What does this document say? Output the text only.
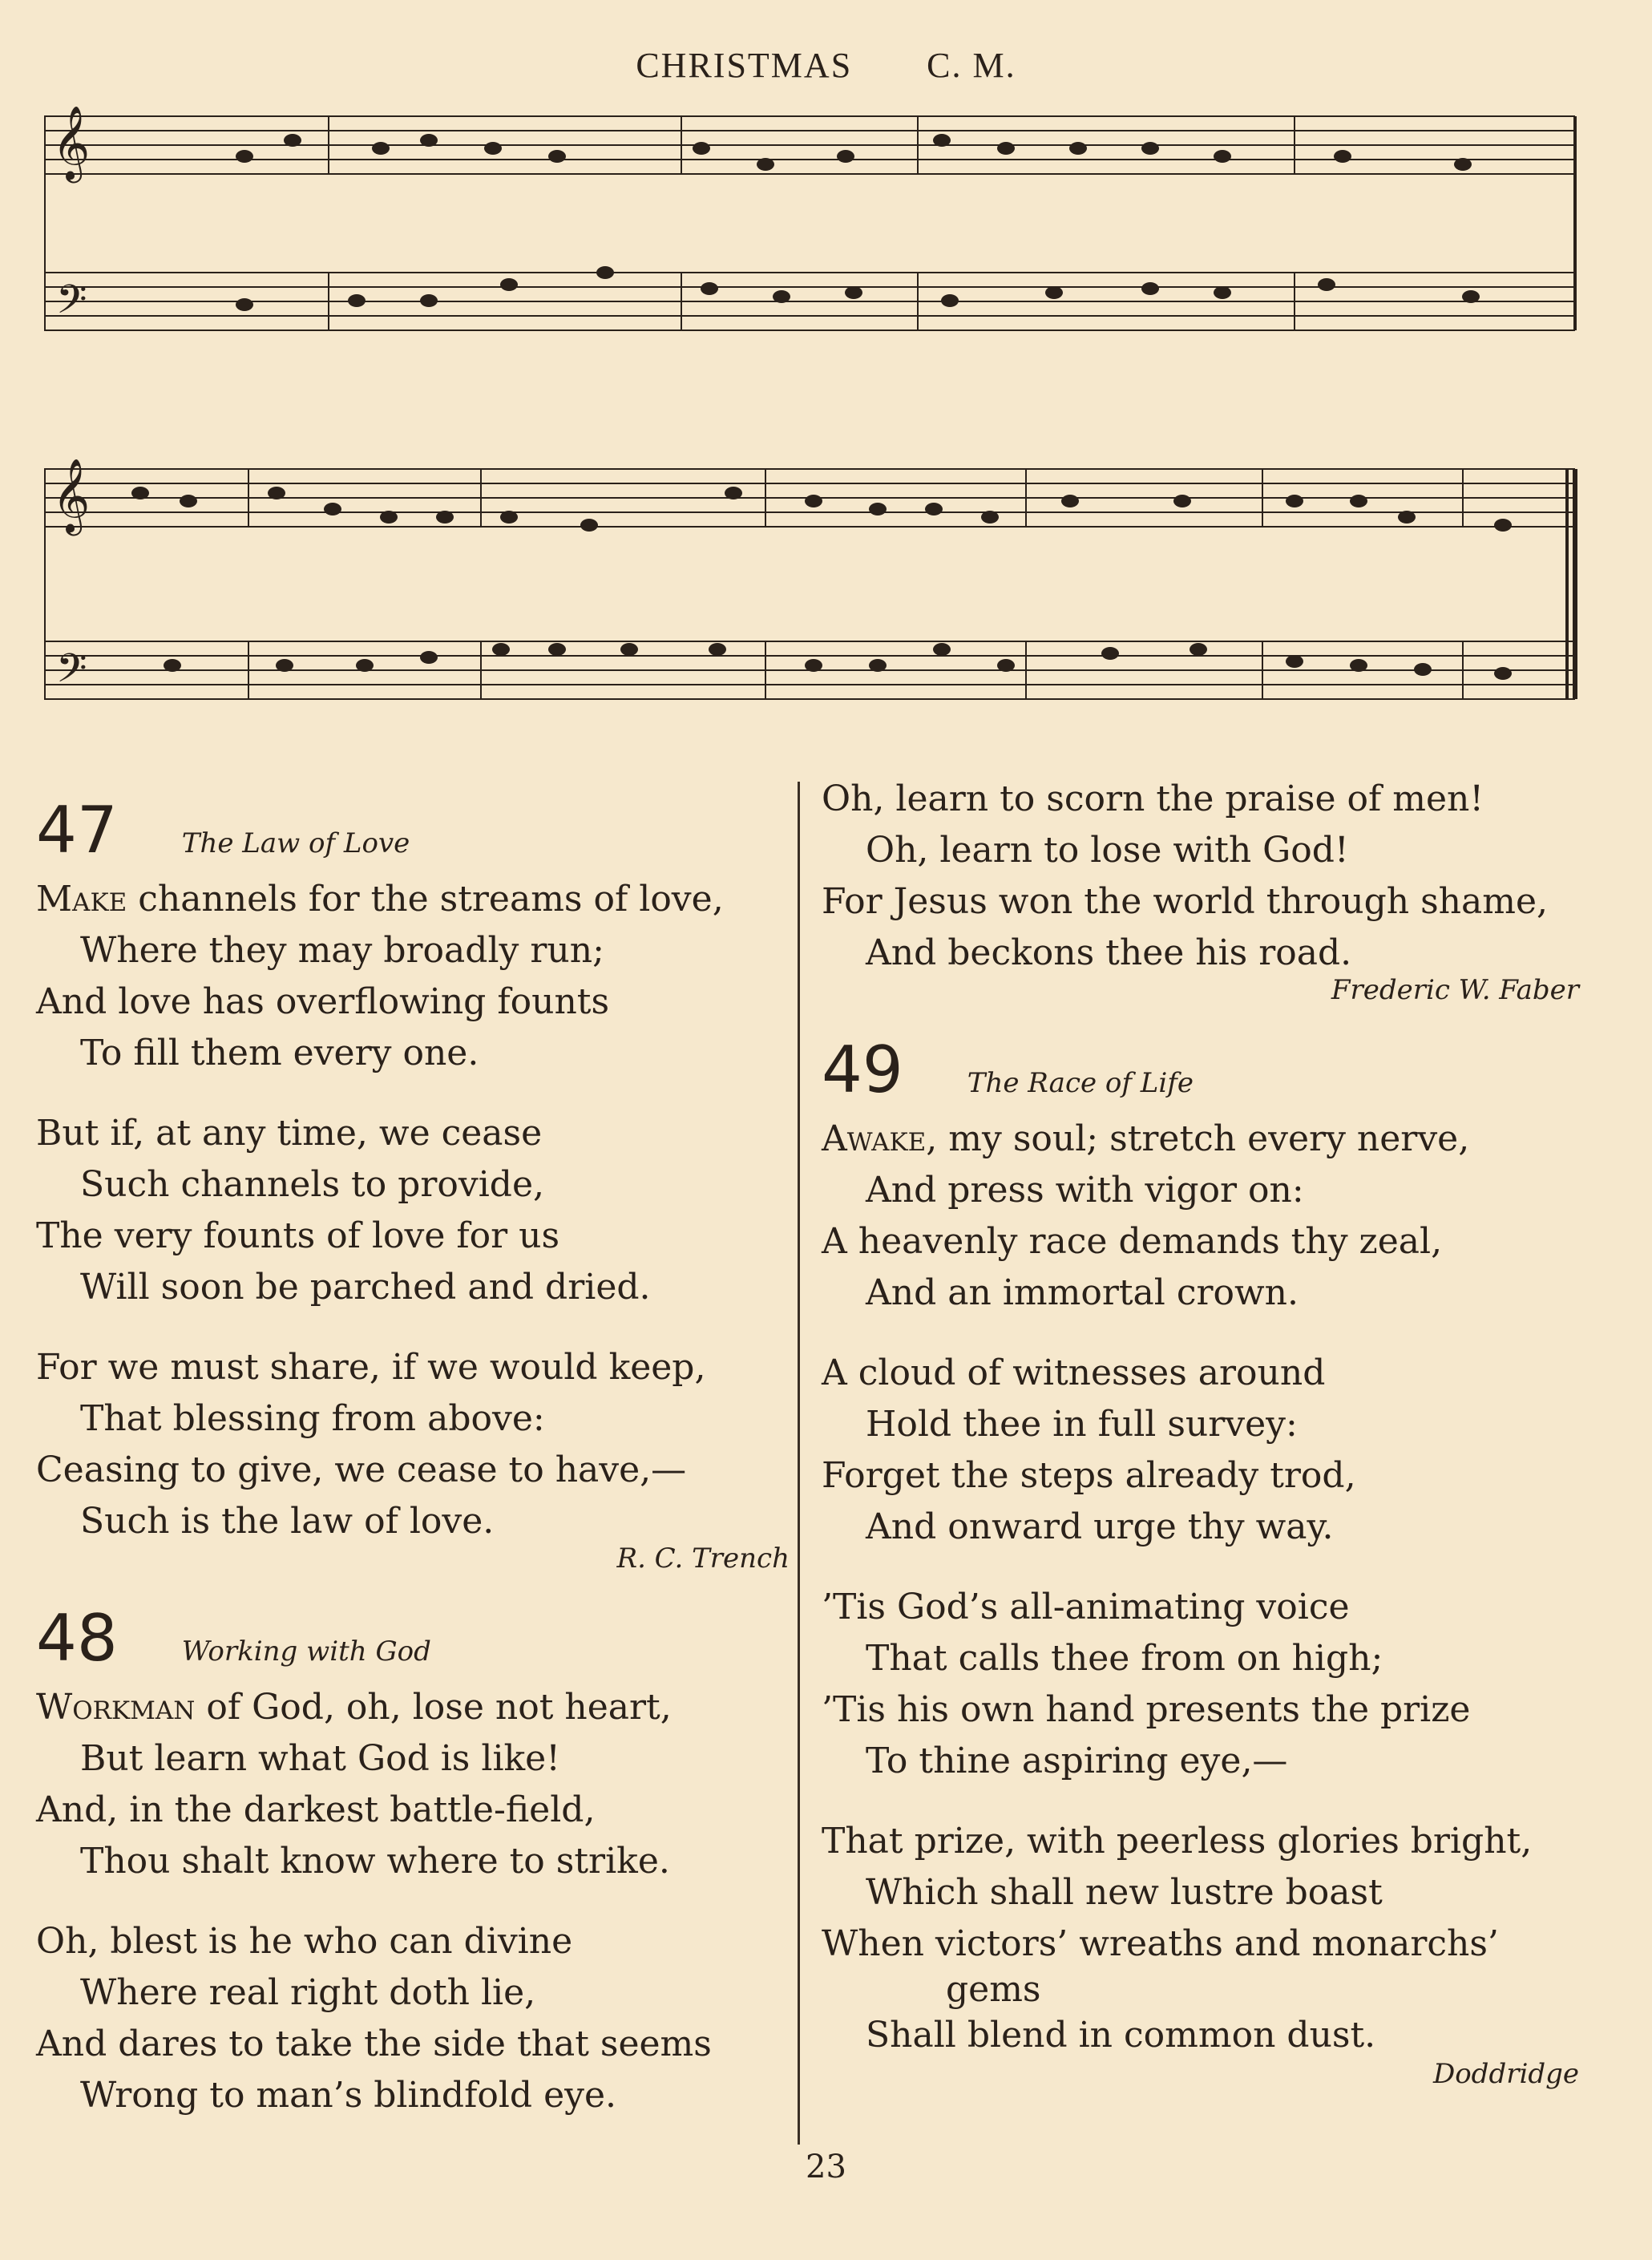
CHRISTMAS C. M.
𝄞
𝄢
𝄞
𝄢
47 The Law of Love
Make channels for the streams of love,
Where they may broadly run;
And love has overflowing founts
To fill them every one.
But if, at any time, we cease
Such channels to provide,
The very founts of love for us
Will soon be parched and dried.
For we must share, if we would keep,
That blessing from above:
Ceasing to give, we cease to have,—
Such is the law of love.
R. C. Trench
48 Working with God
Workman of God, oh, lose not heart,
But learn what God is like!
And, in the darkest battle-field,
Thou shalt know where to strike.
Oh, blest is he who can divine
Where real right doth lie,
And dares to take the side that seems
Wrong to man’s blindfold eye.
Oh, learn to scorn the praise of men!
Oh, learn to lose with God!
For Jesus won the world through shame,
And beckons thee his road.
Frederic W. Faber
49 The Race of Life
Awake, my soul; stretch every nerve,
And press with vigor on:
A heavenly race demands thy zeal,
And an immortal crown.
A cloud of witnesses around
Hold thee in full survey:
Forget the steps already trod,
And onward urge thy way.
’Tis God’s all-animating voice
That calls thee from on high;
’Tis his own hand presents the prize
To thine aspiring eye,—
That prize, with peerless glories bright,
Which shall new lustre boast
When victors’ wreaths and monarchs’
gems
Shall blend in common dust.
Doddridge
23
